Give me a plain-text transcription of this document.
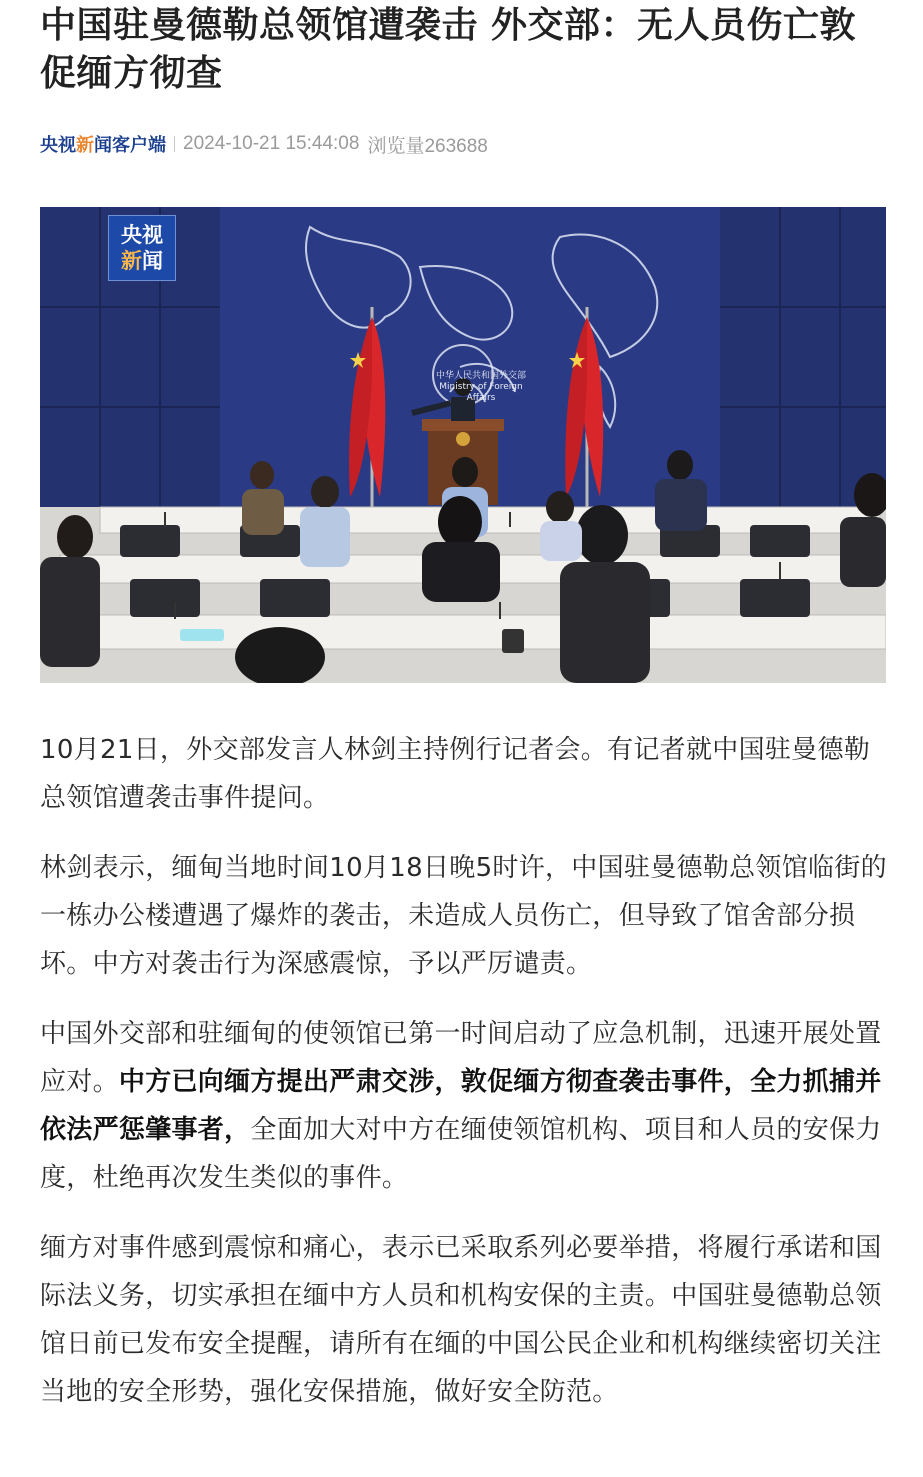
中国驻曼德勒总领馆遭袭击 外交部：无人员伤亡敦促缅方彻查
央视新闻客户端 2024-10-21 15:44:08 浏览量263688
央视
新闻
中华人民共和国外交部
Ministry of Foreign Affairs

10月21日，外交部发言人林剑主持例行记者会。有记者就中国驻曼德勒总领馆遭袭击事件提问。

林剑表示，缅甸当地时间10月18日晚5时许，中国驻曼德勒总领馆临街的一栋办公楼遭遇了爆炸的袭击，未造成人员伤亡，但导致了馆舍部分损坏。中方对袭击行为深感震惊，予以严厉谴责。

中国外交部和驻缅甸的使领馆已第一时间启动了应急机制，迅速开展处置应对。中方已向缅方提出严肃交涉，敦促缅方彻查袭击事件，全力抓捕并依法严惩肇事者，全面加大对中方在缅使领馆机构、项目和人员的安保力度，杜绝再次发生类似的事件。

缅方对事件感到震惊和痛心，表示已采取系列必要举措，将履行承诺和国际法义务，切实承担在缅中方人员和机构安保的主责。中国驻曼德勒总领馆日前已发布安全提醒，请所有在缅的中国公民企业和机构继续密切关注当地的安全形势，强化安保措施，做好安全防范。
